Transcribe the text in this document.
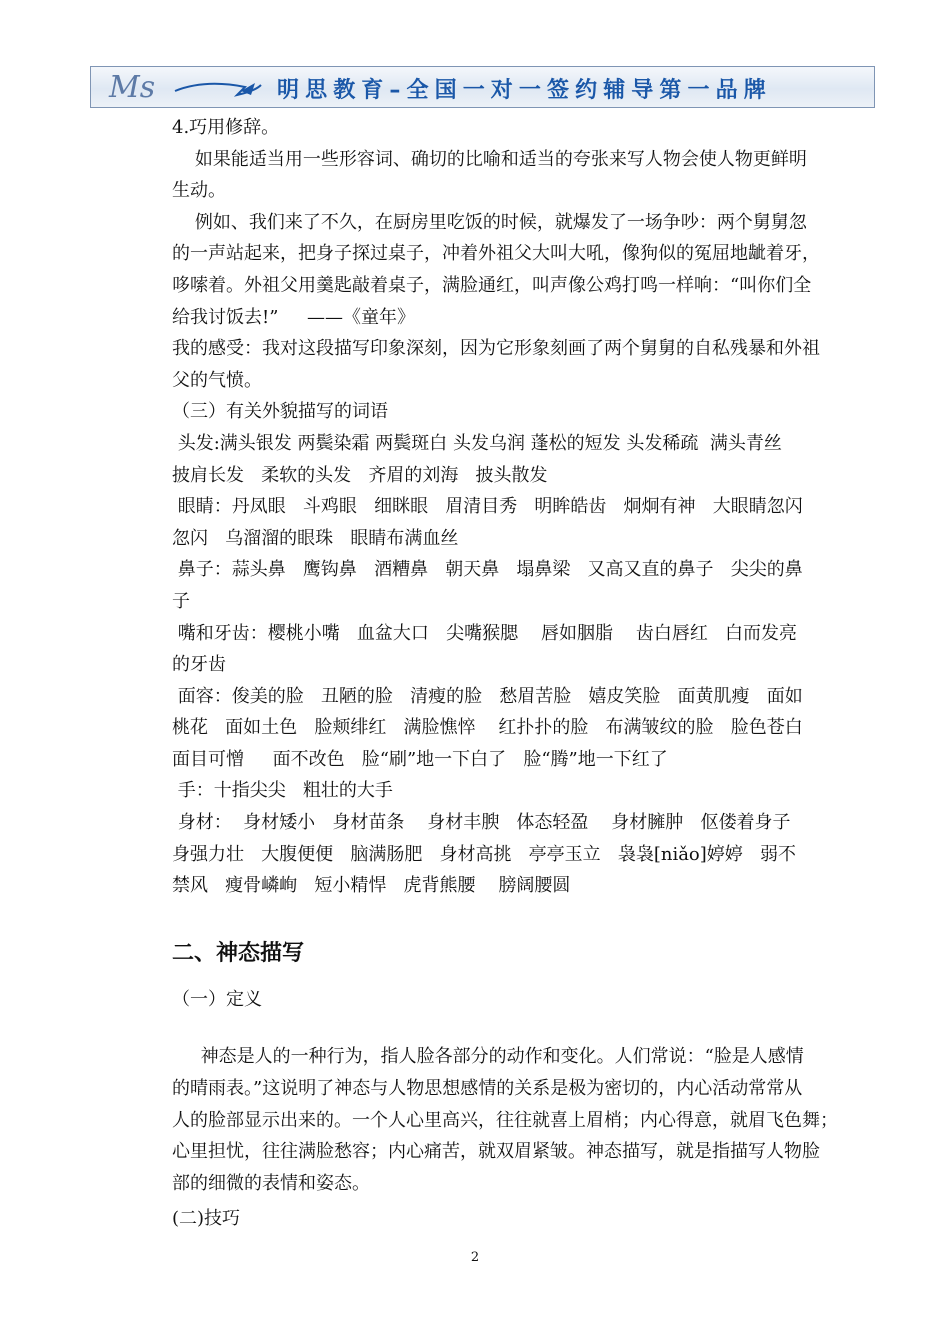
Ms	明思教育–全国一对一签约辅导第一品牌

4.巧用修辞。

如果能适当用一些形容词、确切的比喻和适当的夸张来写人物会使人物更鲜明

生动。

例如、我们来了不久，在厨房里吃饭的时候，就爆发了一场争吵：两个舅舅忽

的一声站起来，把身子探过桌子，冲着外祖父大叫大吼，像狗似的冤屈地龇着牙，

哆嗦着。外祖父用羹匙敲着桌子，满脸通红，叫声像公鸡打鸣一样响：“叫你们全

给我讨饭去!”     ——《童年》

我的感受：我对这段描写印象深刻，因为它形象刻画了两个舅舅的自私残暴和外祖

父的气愤。

（三）有关外貌描写的词语

头发:满头银发 两鬓染霜 两鬓斑白 头发乌润 蓬松的短发 头发稀疏  满头青丝

披肩长发   柔软的头发   齐眉的刘海   披头散发

眼睛：丹凤眼   斗鸡眼   细眯眼   眉清目秀   明眸皓齿   炯炯有神   大眼睛忽闪

忽闪   乌溜溜的眼珠   眼睛布满血丝

鼻子：蒜头鼻   鹰钩鼻   酒糟鼻   朝天鼻   塌鼻梁   又高又直的鼻子   尖尖的鼻

子

嘴和牙齿：樱桃小嘴   血盆大口   尖嘴猴腮    唇如胭脂    齿白唇红   白而发亮

的牙齿

面容：俊美的脸   丑陋的脸   清瘦的脸   愁眉苦脸   嬉皮笑脸   面黄肌瘦   面如

桃花   面如土色   脸颊绯红   满脸憔悴    红扑扑的脸   布满皱纹的脸   脸色苍白

面目可憎     面不改色   脸“刷”地一下白了   脸“腾”地一下红了

手：十指尖尖   粗壮的大手

身材：  身材矮小   身材苗条    身材丰腴   体态轻盈    身材臃肿   伛偻着身子

身强力壮   大腹便便   脑满肠肥   身材高挑   亭亭玉立   袅袅[niǎo]婷婷   弱不

禁风   瘦骨嶙峋   短小精悍   虎背熊腰    膀阔腰圆

二、神态描写

（一）定义

神态是人的一种行为，指人脸各部分的动作和变化。人们常说：“脸是人感情

的晴雨表。”这说明了神态与人物思想感情的关系是极为密切的，内心活动常常从

人的脸部显示出来的。一个人心里高兴，往往就喜上眉梢；内心得意，就眉飞色舞；

心里担忧，往往满脸愁容；内心痛苦，就双眉紧皱。神态描写，就是指描写人物脸

部的细微的表情和姿态。

(二)技巧

2
